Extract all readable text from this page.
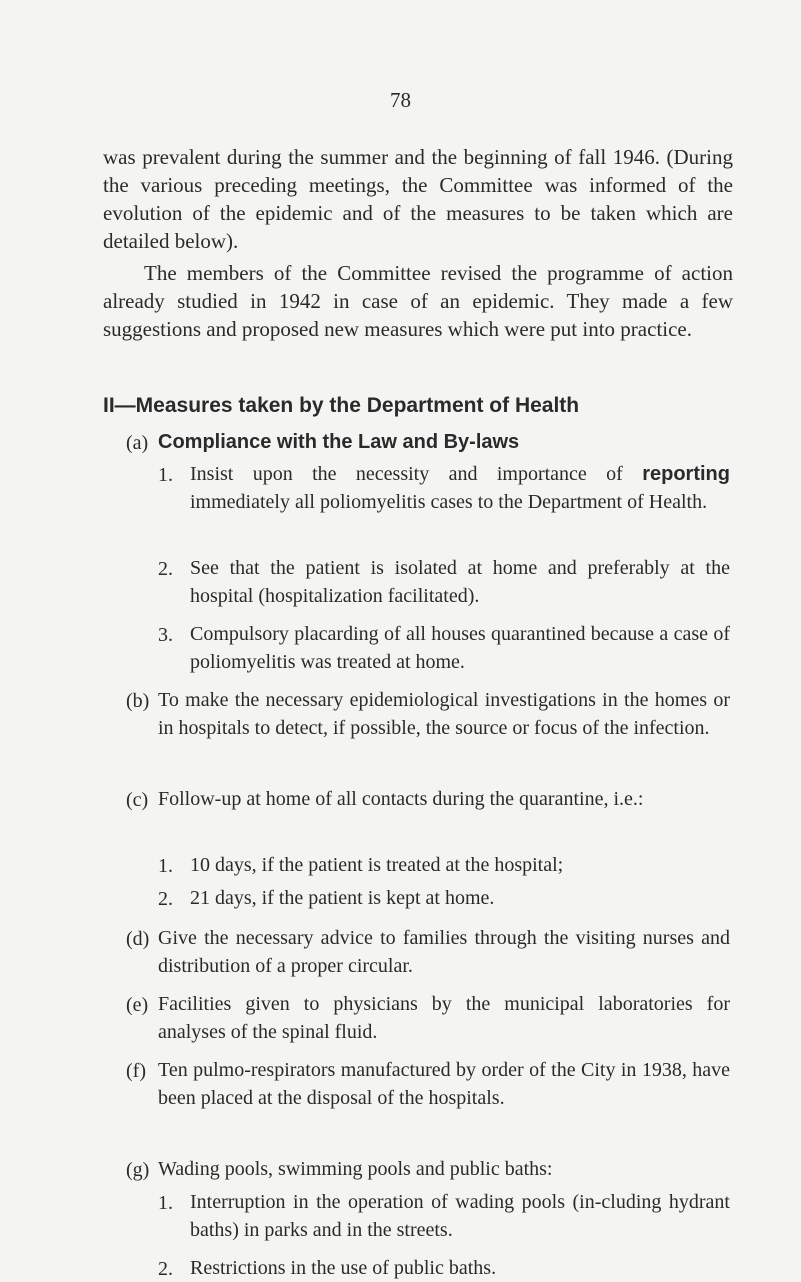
78
was prevalent during the summer and the beginning of fall 1946. (During the various preceding meetings, the Committee was informed of the evolution of the epidemic and of the measures to be taken which are detailed below).
The members of the Committee revised the programme of action already studied in 1942 in case of an epidemic. They made a few suggestions and proposed new measures which were put into practice.
II—Measures taken by the Department of Health
(a) Compliance with the Law and By-laws
1. Insist upon the necessity and importance of reporting immediately all poliomyelitis cases to the Department of Health.
2. See that the patient is isolated at home and preferably at the hospital (hospitalization facilitated).
3. Compulsory placarding of all houses quarantined because a case of poliomyelitis was treated at home.
(b) To make the necessary epidemiological investigations in the homes or in hospitals to detect, if possible, the source or focus of the infection.
(c) Follow-up at home of all contacts during the quarantine, i.e.:
1. 10 days, if the patient is treated at the hospital;
2. 21 days, if the patient is kept at home.
(d) Give the necessary advice to families through the visiting nurses and distribution of a proper circular.
(e) Facilities given to physicians by the municipal laboratories for analyses of the spinal fluid.
(f) Ten pulmo-respirators manufactured by order of the City in 1938, have been placed at the disposal of the hospitals.
(g) Wading pools, swimming pools and public baths:
1. Interruption in the operation of wading pools (in-cluding hydrant baths) in parks and in the streets.
2. Restrictions in the use of public baths.
